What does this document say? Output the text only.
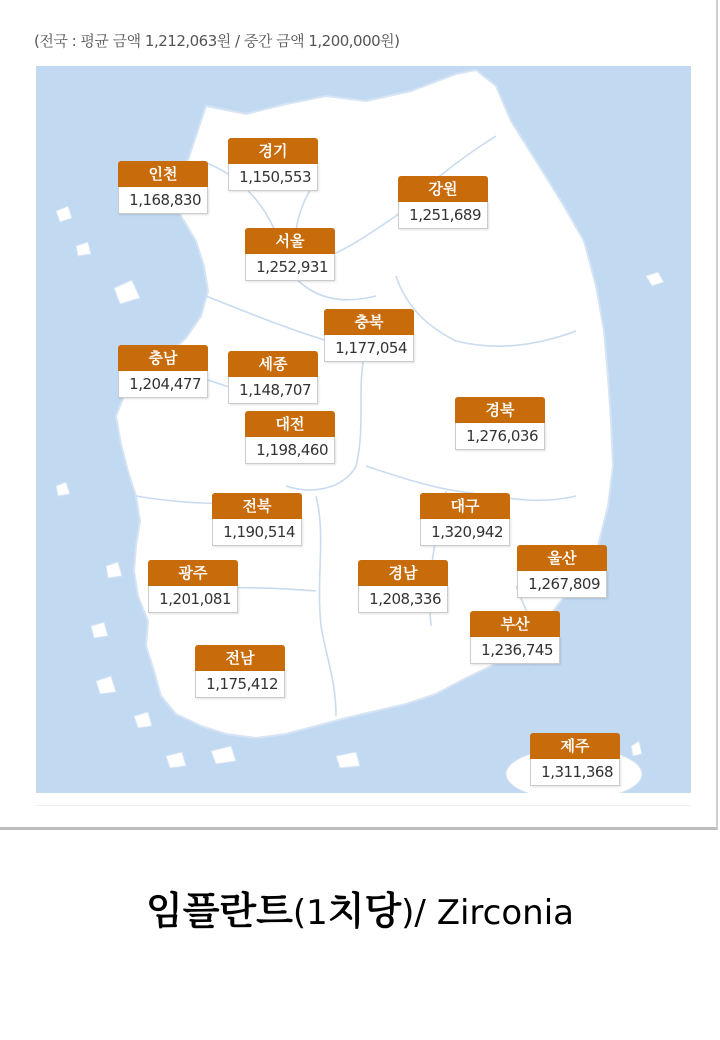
(전국 : 평균 금액 1,212,063원 / 중간 금액 1,200,000원)
인천
1,168,830
경기
1,150,553
강원
1,251,689
서울
1,252,931
충북
1,177,054
충남
1,204,477
세종
1,148,707
경북
1,276,036
대전
1,198,460
전북
1,190,514
대구
1,320,942
울산
1,267,809
광주
1,201,081
경남
1,208,336
부산
1,236,745
전남
1,175,412
제주
1,311,368
임플란트(1치당)/ Zirconia
